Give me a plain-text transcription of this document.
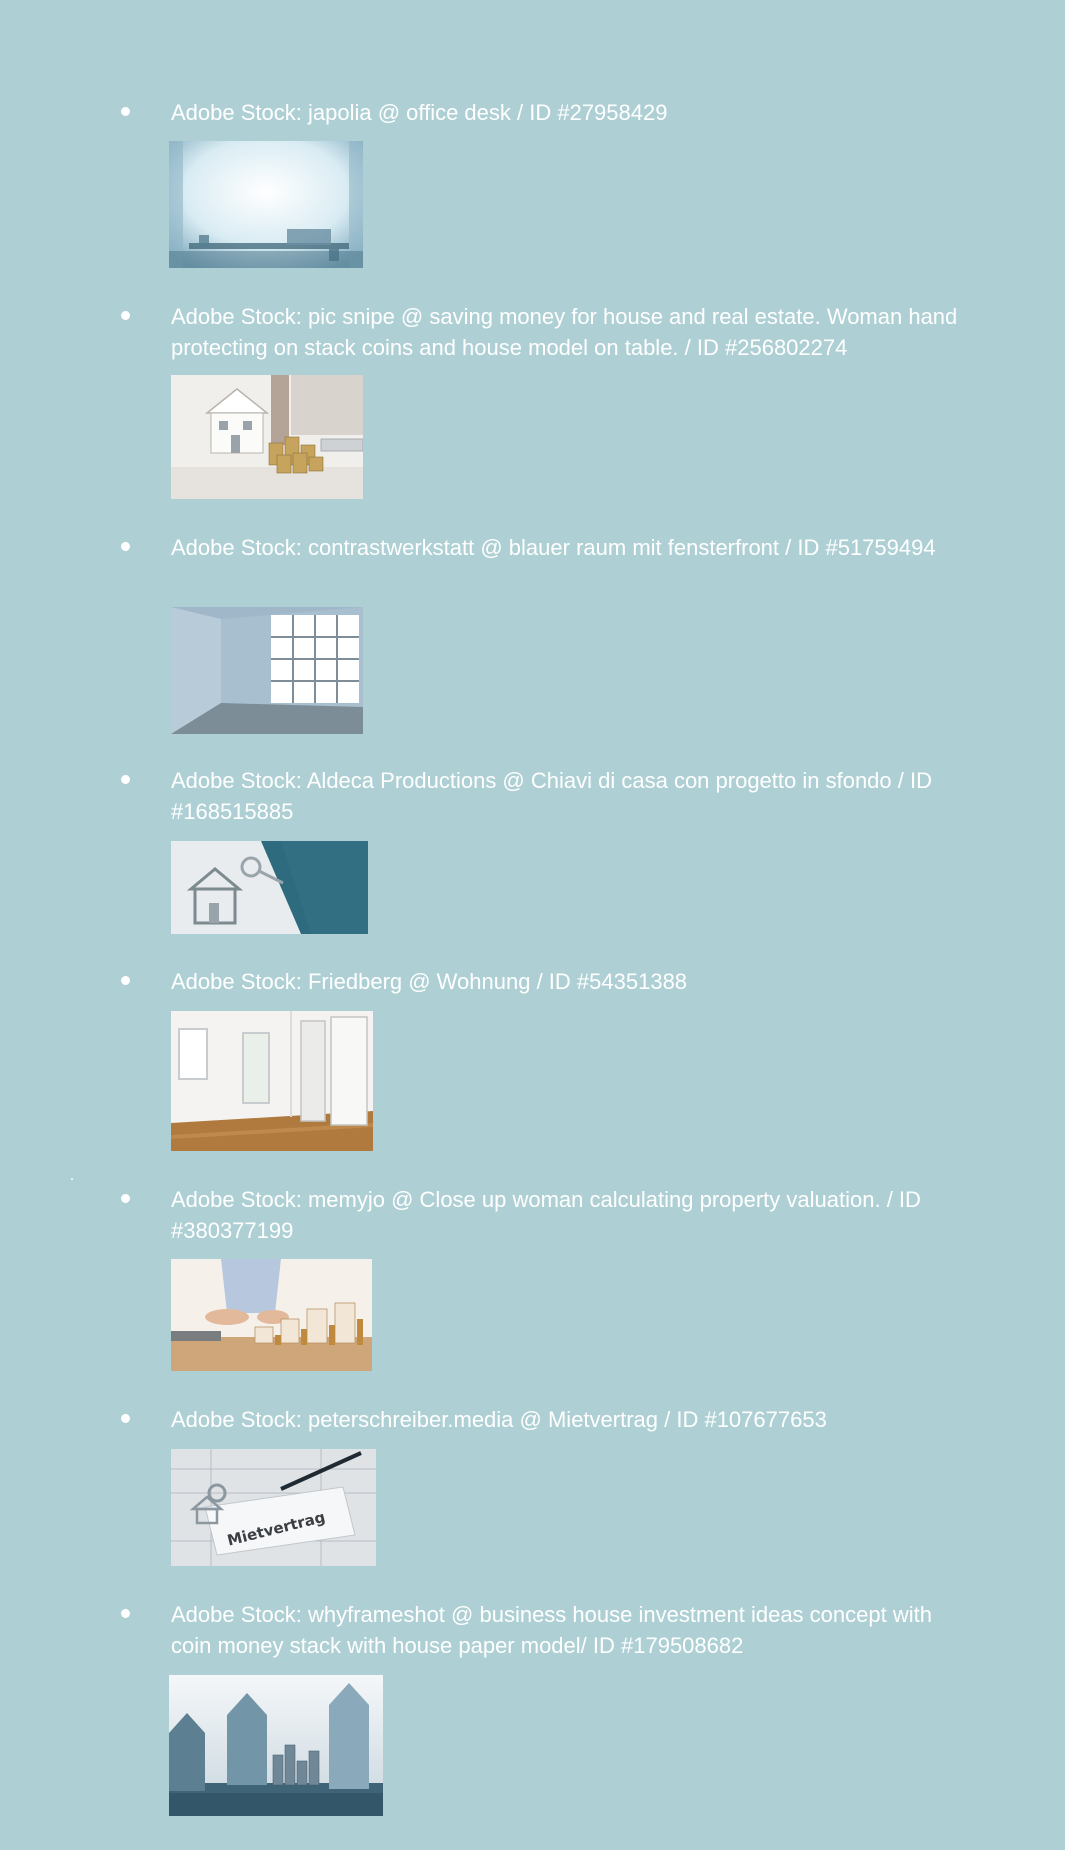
Adobe Stock: japolia @ office desk / ID #27958429

Adobe Stock: pic snipe @ saving money for house and real estate. Woman hand protecting on stack coins and house model on table. / ID #256802274

Adobe Stock: contrastwerkstatt @ blauer raum mit fensterfront / ID #51759494

Adobe Stock: Aldeca Productions @ Chiavi di casa con progetto in sfondo / ID #168515885

Adobe Stock: Friedberg @ Wohnung / ID #54351388

Adobe Stock: memyjo @ Close up woman calculating property valuation. / ID #380377199

Adobe Stock: peterschreiber.media @ Mietvertrag / ID #107677653

Mietvertrag

Adobe Stock: whyframeshot @ business house investment ideas concept with coin money stack with house paper model/ ID #179508682
